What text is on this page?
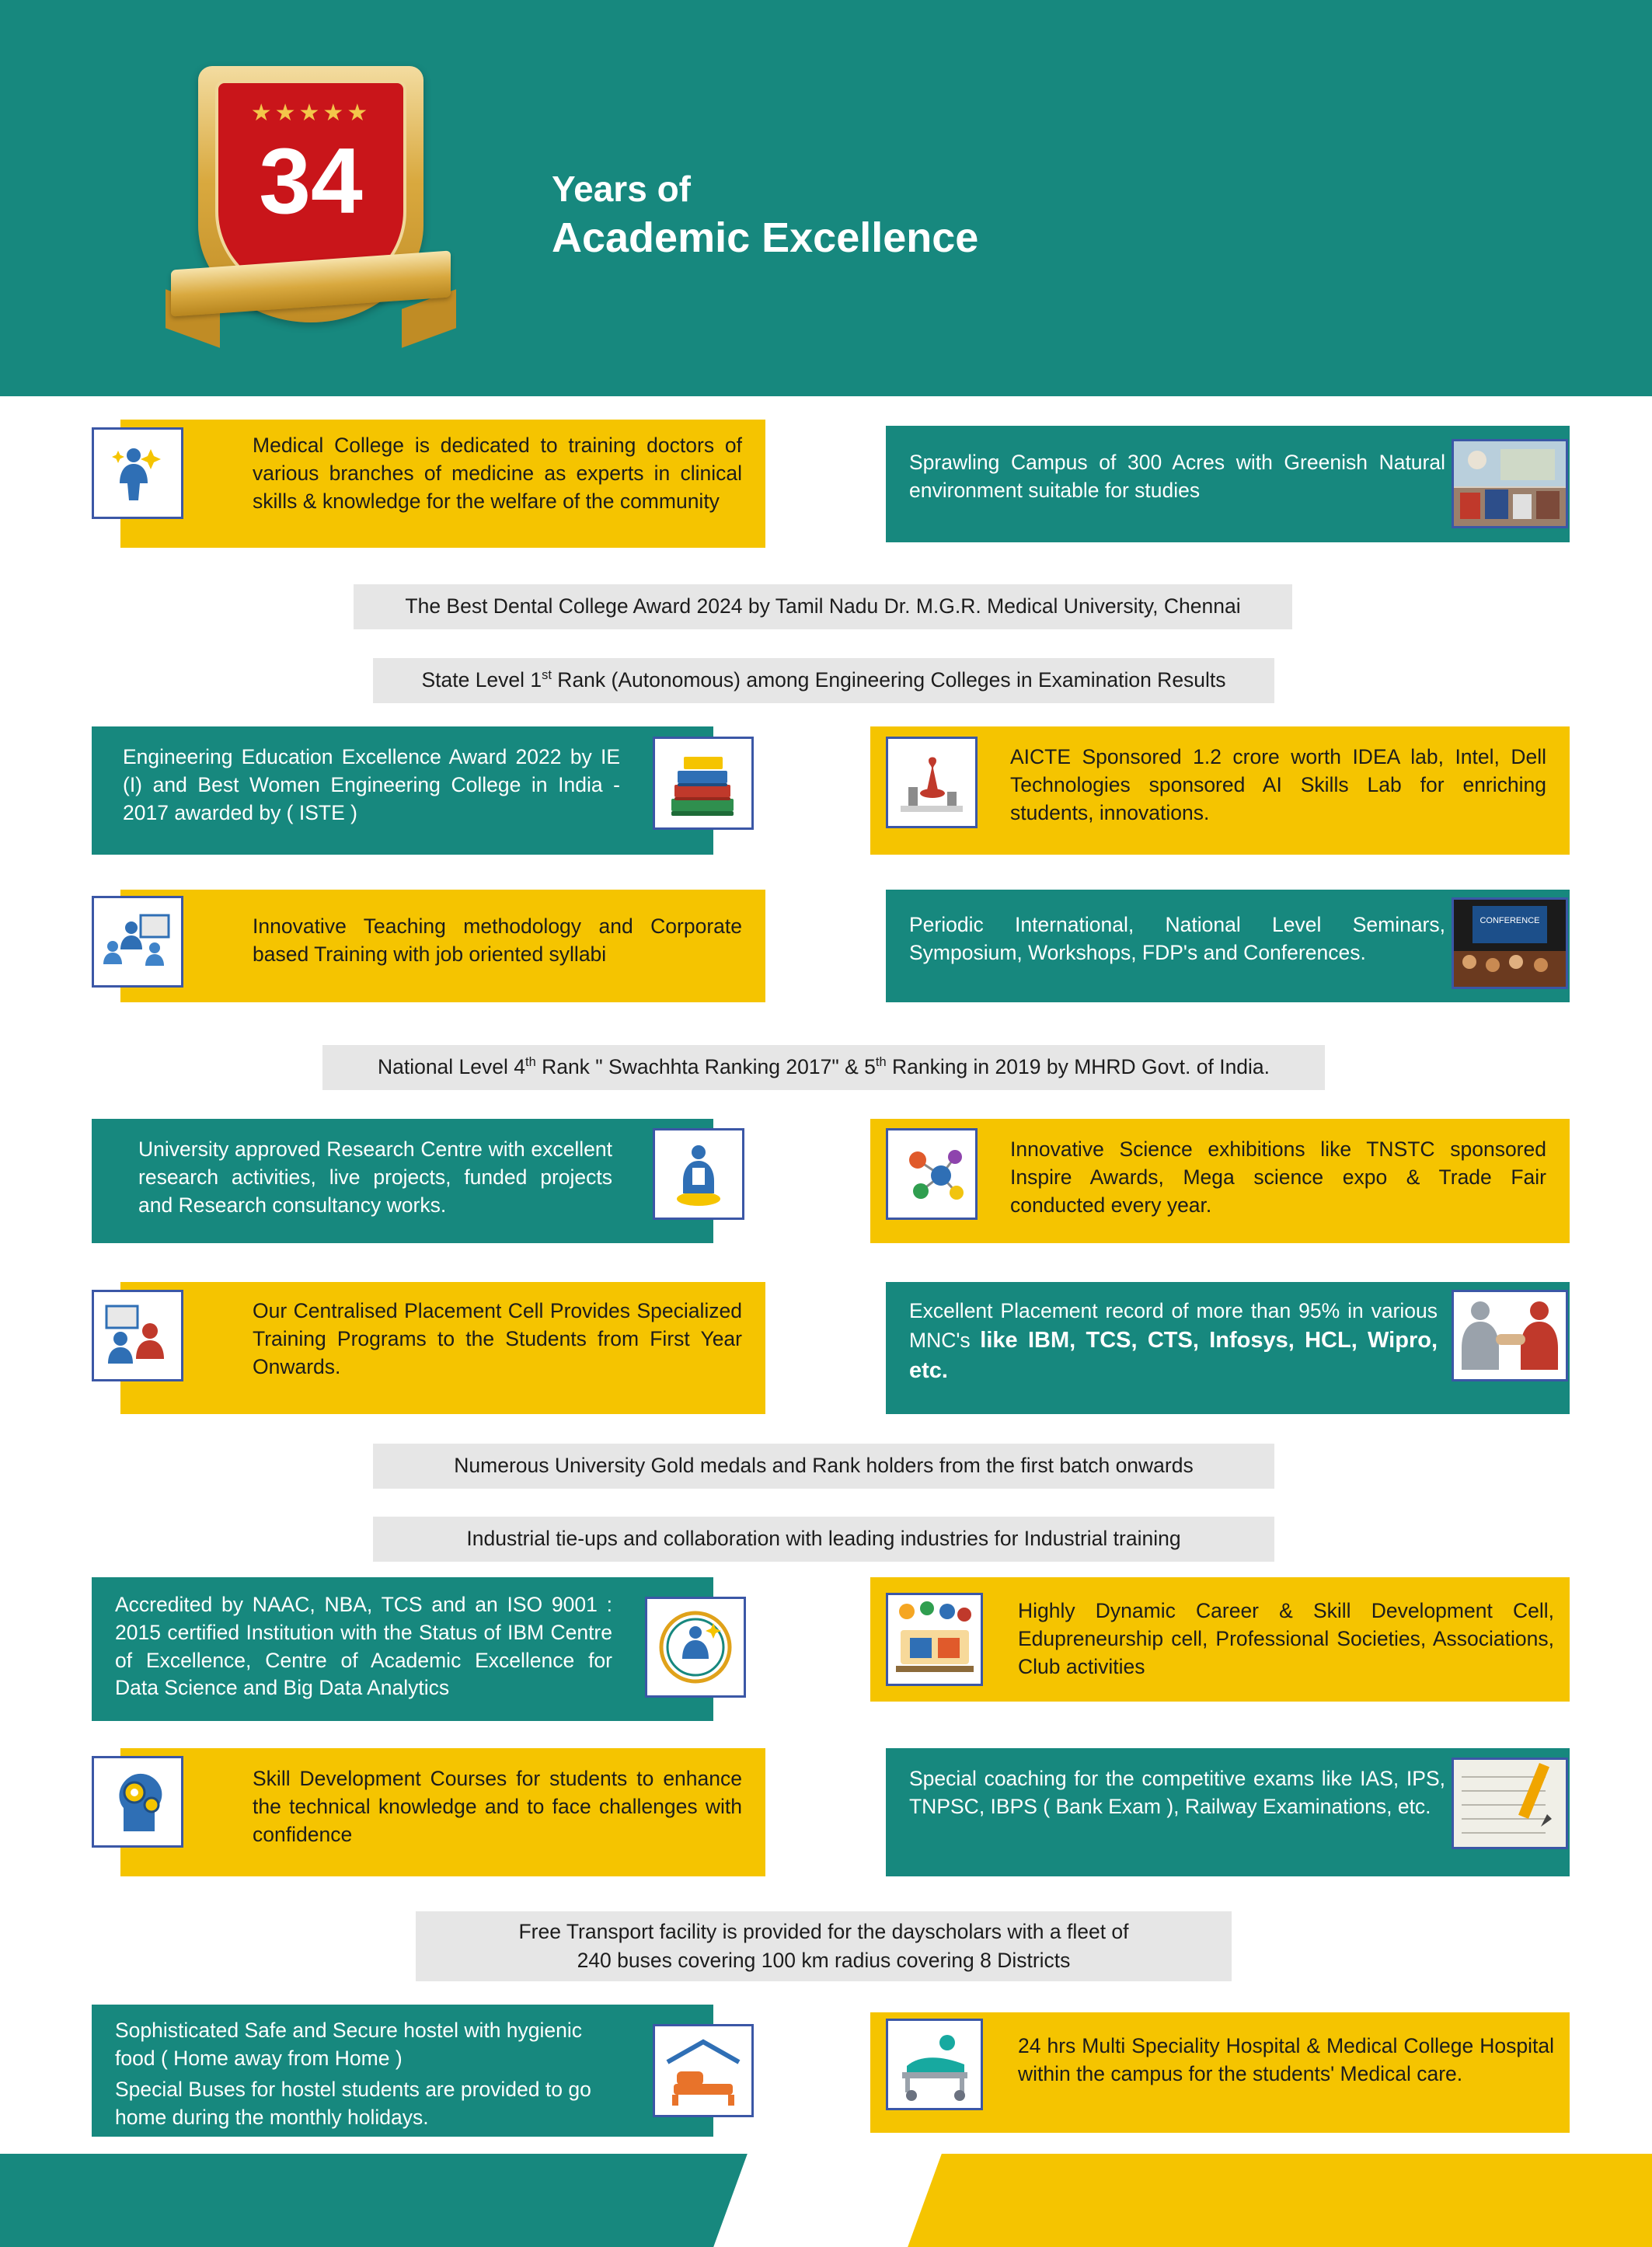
★★★★★
34	Years of
Academic Excellence
Medical College is dedicated to training doctors of various branches of medicine as experts in clinical skills & knowledge for the welfare of the community
Sprawling Campus of 300 Acres with Greenish Natural environment suitable for studies
The Best Dental College Award 2024 by Tamil Nadu Dr. M.G.R. Medical University, Chennai
State Level 1st Rank (Autonomous) among Engineering Colleges in Examination Results
Engineering Education Excellence Award 2022 by IE (I) and Best Women Engineering College in India - 2017 awarded by ( ISTE )
AICTE Sponsored 1.2 crore worth IDEA lab, Intel, Dell Technologies sponsored AI Skills Lab for enriching students, innovations.
Innovative Teaching methodology and Corporate based Training with job oriented syllabi
Periodic International, National Level Seminars, Symposium, Workshops, FDP's and Conferences.
CONFERENCE
National Level 4th Rank " Swachhta Ranking 2017" & 5th Ranking in 2019 by MHRD Govt. of India.
University approved Research Centre with excellent research activities, live projects, funded projects and Research consultancy works.
Innovative Science exhibitions like TNSTC sponsored Inspire Awards, Mega science expo & Trade Fair conducted every year.
Our Centralised Placement Cell Provides Specialized Training Programs to the Students from First Year Onwards.
Excellent Placement record of more than 95% in various MNC's like IBM, TCS, CTS, Infosys, HCL, Wipro, etc.
Numerous University Gold medals and Rank holders from the first batch onwards
Industrial tie-ups and collaboration with leading industries for Industrial training
Accredited by NAAC, NBA, TCS and an ISO 9001 : 2015 certified Institution with the Status of IBM Centre of Excellence, Centre of Academic Excellence for Data Science and Big Data Analytics
Highly Dynamic Career & Skill Development Cell, Edupreneurship cell, Professional Societies, Associations, Club activities
Skill Development Courses for students to enhance the technical knowledge and to face challenges with confidence
Special coaching for the competitive exams like IAS, IPS, TNPSC, IBPS ( Bank Exam ), Railway Examinations, etc.
Free Transport facility is provided for the dayscholars with a fleet of
240 buses covering 100 km radius covering 8 Districts
Sophisticated Safe and Secure hostel with hygienic food ( Home away from Home )
Special Buses for hostel students are provided to go home during the monthly holidays.
24 hrs Multi Speciality Hospital & Medical College Hospital within the campus for the students' Medical care.
